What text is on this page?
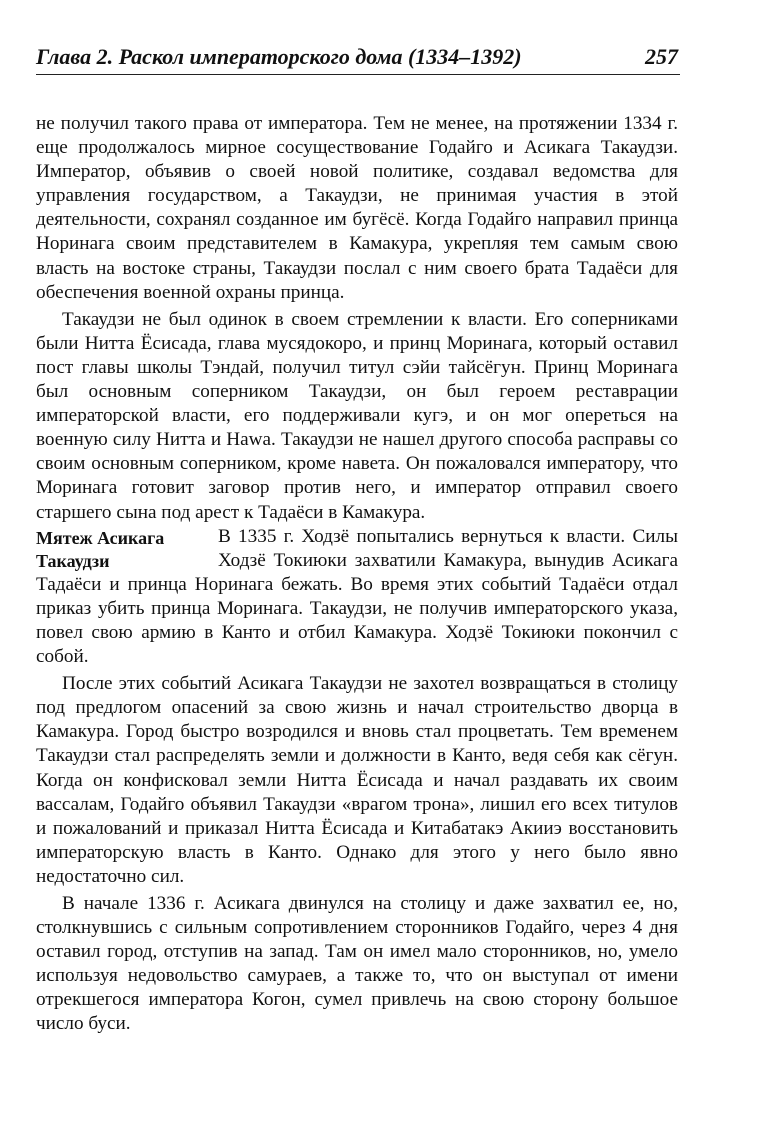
Глава 2. Раскол императорского дома (1334–1392)	257

не получил такого права от императора. Тем не менее, на протяжении 1334 г. еще продолжалось мирное сосуществование Годайго и Асикага Такаудзи. Император, объявив о своей новой политике, создавал ведомства для управления государством, а Такаудзи, не принимая участия в этой деятельности, сохранял созданное им бугёсё. Когда Годайго направил принца Норинага своим представителем в Камакура, укрепляя тем самым свою власть на востоке страны, Такаудзи послал с ним своего брата Тадаёси для обеспечения военной охраны принца.

Такаудзи не был одинок в своем стремлении к власти. Его соперниками были Нитта Ёсисада, глава мусядокоро, и принц Моринага, который оставил пост главы школы Тэндай, получил титул сэйи тайсёгун. Принц Моринага был основным соперником Такаудзи, он был героем реставрации императорской власти, его поддерживали кугэ, и он мог опереться на военную силу Нитта и Наwa. Такаудзи не нашел другого способа расправы со своим основным соперником, кроме навета. Он пожаловался императору, что Моринага готовит заговор против него, и император отправил своего старшего сына под арест к Тадаёси в Камакура.

Мятеж Асикага Такаудзи

В 1335 г. Ходзё попытались вернуться к власти. Силы Ходзё Токиюки захватили Камакура, вынудив Асикага Тадаёси и принца Норинага бежать. Во время этих событий Тадаёси отдал приказ убить принца Моринага. Такаудзи, не получив императорского указа, повел свою армию в Канто и отбил Камакура. Ходзё Токиюки покончил с собой.

После этих событий Асикага Такаудзи не захотел возвращаться в столицу под предлогом опасений за свою жизнь и начал строительство дворца в Камакура. Город быстро возродился и вновь стал процветать. Тем временем Такаудзи стал распределять земли и должности в Канто, ведя себя как сёгун. Когда он конфисковал земли Нитта Ёсисада и начал раздавать их своим вассалам, Годайго объявил Такаудзи «врагом трона», лишил его всех титулов и пожалований и приказал Нитта Ёсисада и Китабатакэ Акииэ восстановить императорскую власть в Канто. Однако для этого у него было явно недостаточно сил.

В начале 1336 г. Асикага двинулся на столицу и даже захватил ее, но, столкнувшись с сильным сопротивлением сторонников Годайго, через 4 дня оставил город, отступив на запад. Там он имел мало сторонников, но, умело используя недовольство самураев, а также то, что он выступал от имени отрекшегося императора Когон, сумел привлечь на свою сторону большое число буси.
